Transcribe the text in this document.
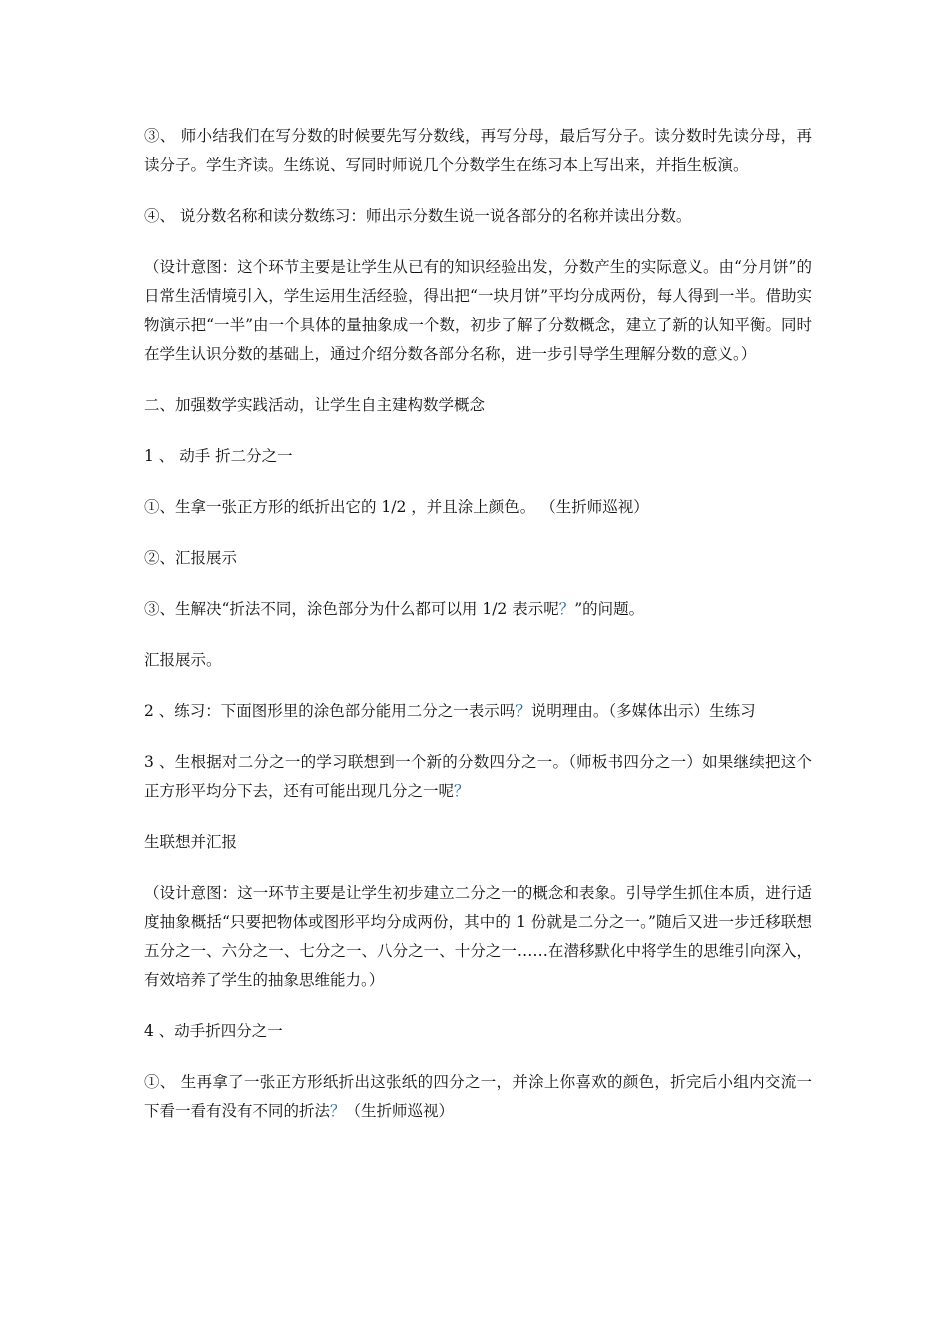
③、 师小结我们在写分数的时候要先写分数线，再写分母，最后写分子。读分数时先读分母，再读分子。学生齐读。生练说、写同时师说几个分数学生在练习本上写出来，并指生板演。

④、 说分数名称和读分数练习：师出示分数生说一说各部分的名称并读出分数。

（设计意图：这个环节主要是让学生从已有的知识经验出发，分数产生的实际意义。由“分月饼”的日常生活情境引入，学生运用生活经验，得出把“一块月饼”平均分成两份，每人得到一半。借助实物演示把“一半”由一个具体的量抽象成一个数，初步了解了分数概念，建立了新的认知平衡。同时在学生认识分数的基础上，通过介绍分数各部分名称，进一步引导学生理解分数的意义。）

二、加强数学实践活动，让学生自主建构数学概念

1 、 动手 折二分之一

①、生拿一张正方形的纸折出它的 1/2 ，并且涂上颜色。 （生折师巡视）

②、汇报展示

③、生解决“折法不同，涂色部分为什么都可以用 1/2 表示呢？”的问题。

汇报展示。

2 、练习：下面图形里的涂色部分能用二分之一表示吗？说明理由。（多媒体出示）生练习

3 、生根据对二分之一的学习联想到一个新的分数四分之一。（师板书四分之一）如果继续把这个正方形平均分下去，还有可能出现几分之一呢？

生联想并汇报

（设计意图：这一环节主要是让学生初步建立二分之一的概念和表象。引导学生抓住本质，进行适度抽象概括“只要把物体或图形平均分成两份，其中的 1 份就是二分之一。”随后又进一步迁移联想五分之一、六分之一、七分之一、八分之一、十分之一……在潜移默化中将学生的思维引向深入，有效培养了学生的抽象思维能力。）

4 、动手折四分之一

①、 生再拿了一张正方形纸折出这张纸的四分之一，并涂上你喜欢的颜色，折完后小组内交流一下看一看有没有不同的折法？（生折师巡视）
